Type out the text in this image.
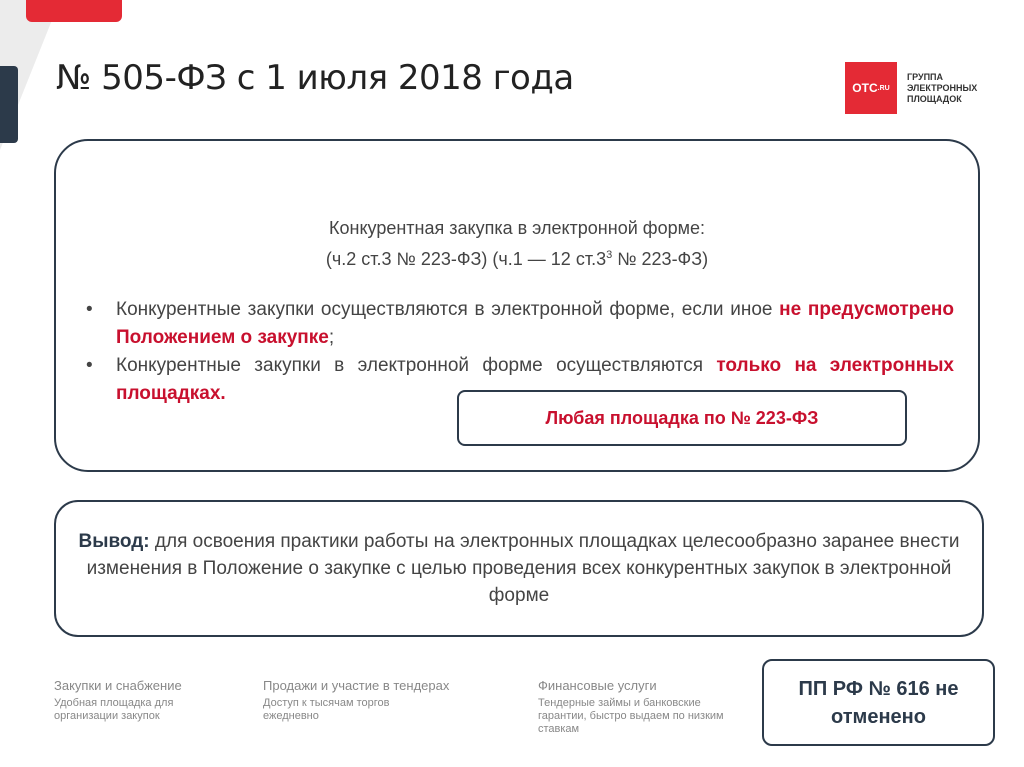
№ 505-ФЗ с 1 июля 2018 года	OTC .RU
ГРУППА ЭЛЕКТРОННЫХ ПЛОЩАДОК
Конкурентная закупка в электронной форме:
(ч.2 ст.3 № 223-ФЗ) (ч.1 — 12 $ст.3^3$ № 223-ФЗ)
• Конкурентные закупки осуществляются в электронной форме, если иное не предусмотрено Положением о закупке;
• Конкурентные закупки в электронной форме осуществляются только на электронных площадках.
Любая площадка по № 223-ФЗ
Вывод: для освоения практики работы на электронных площадках целесообразно заранее внести изменения в Положение о закупке с целью проведения всех конкурентных закупок в электронной форме
Закупки и снабжение
Удобная площадка для организации закупок
Продажи и участие в тендерах
Доступ к тысячам торгов ежедневно
Финансовые услуги
Тендерные займы и банковские гарантии, быстро выдаем по низким ставкам
ПП РФ № 616 не
отменено
